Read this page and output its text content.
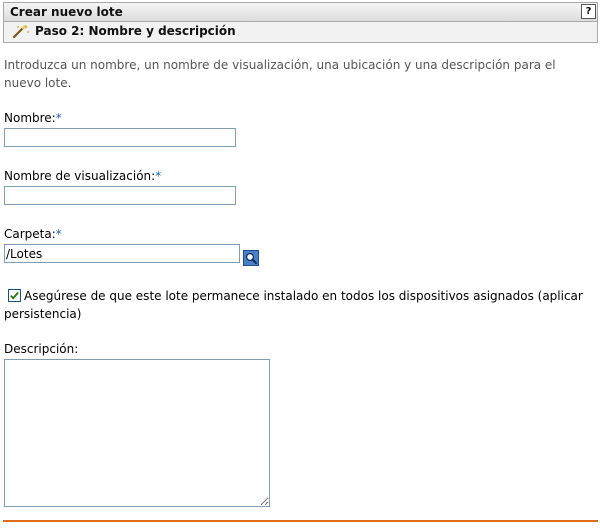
Crear nuevo lote	?
Paso 2: Nombre y descripción
Introduzca un nombre, un nombre de visualización, una ubicación y una descripción para el nuevo lote.
Nombre:*
Nombre de visualización:*
Carpeta:*
/Lotes
Asegúrese de que este lote permanece instalado en todos los dispositivos asignados (aplicar
persistencia)
Descripción:
